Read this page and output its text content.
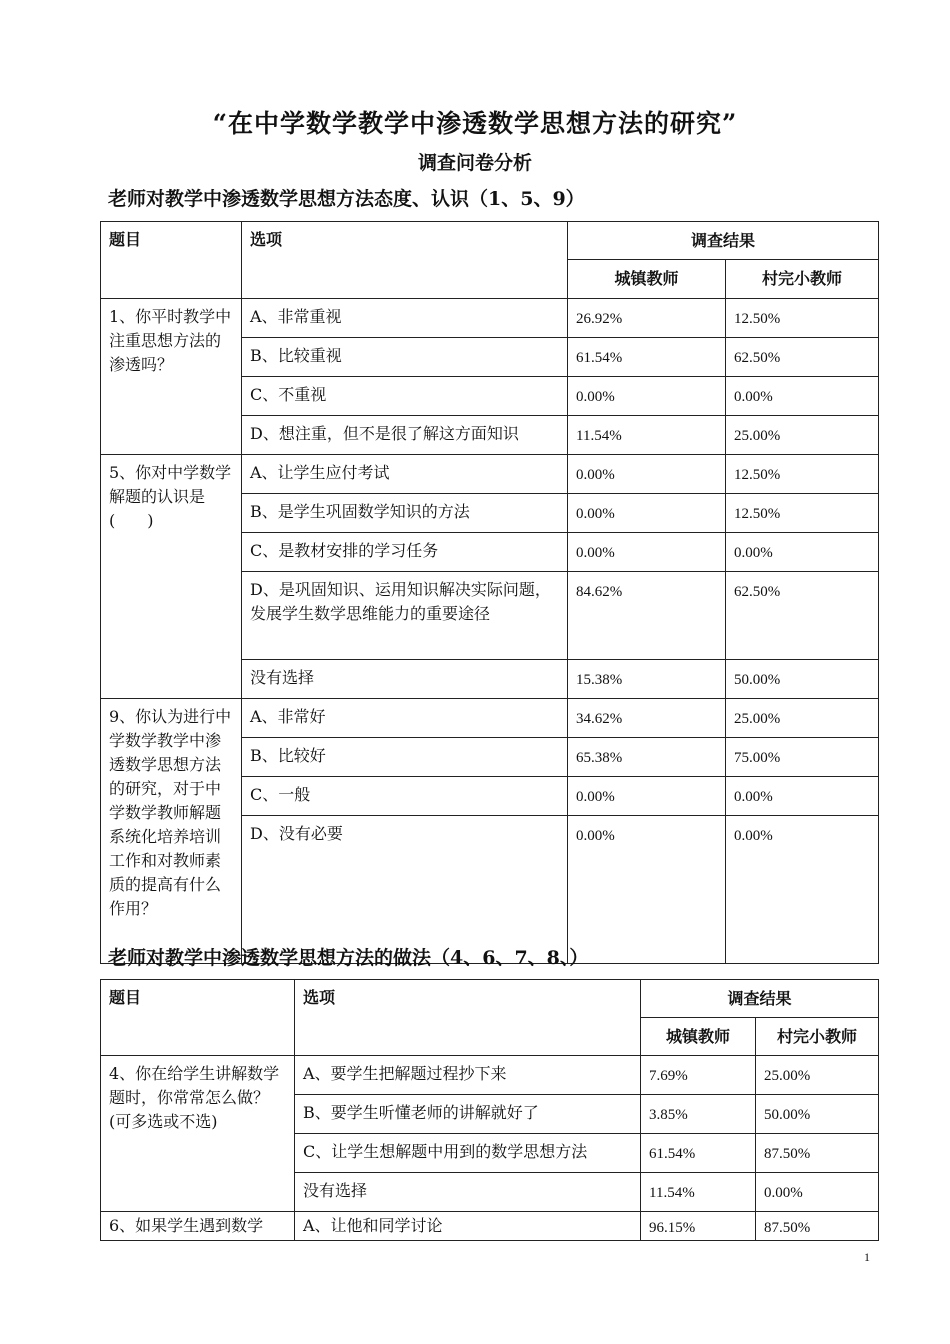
“在中学数学教学中渗透数学思想方法的研究”
调查问卷分析
老师对教学中渗透数学思想方法态度、认识（1、5、9）
题目	选项	调查结果	
		城镇教师	村完小教师
1、你平时教学中注重思想方法的渗透吗？	A、非常重视	26.92%	12.50%
	B、比较重视	61.54%	62.50%
	C、不重视	0.00%	0.00%
	D、想注重，但不是很了解这方面知识	11.54%	25.00%
5、你对中学数学解题的认识是(　　)	A、让学生应付考试	0.00%	12.50%
	B、是学生巩固数学知识的方法	0.00%	12.50%
	C、是教材安排的学习任务	0.00%	0.00%
	D、是巩固知识、运用知识解决实际问题，发展学生数学思维能力的重要途径	84.62%	62.50%
	没有选择	15.38%	50.00%
9、你认为进行中学数学教学中渗透数学思想方法的研究，对于中学数学教师解题系统化培养培训工作和对教师素质的提高有什么作用？	A、非常好	34.62%	25.00%
	B、比较好	65.38%	75.00%
	C、一般	0.00%	0.00%
	D、没有必要	0.00%	0.00%
老师对教学中渗透数学思想方法的做法（4、6、7、8、）
题目	选项	调查结果	
		城镇教师	村完小教师
4、你在给学生讲解数学题时，你常常怎么做？(可多选或不选)	A、要学生把解题过程抄下来	7.69%	25.00%
	B、要学生听懂老师的讲解就好了	3.85%	50.00%
	C、让学生想解题中用到的数学思想方法	61.54%	87.50%
	没有选择	11.54%	0.00%
6、如果学生遇到数学	A、让他和同学讨论	96.15%	87.50%
1
